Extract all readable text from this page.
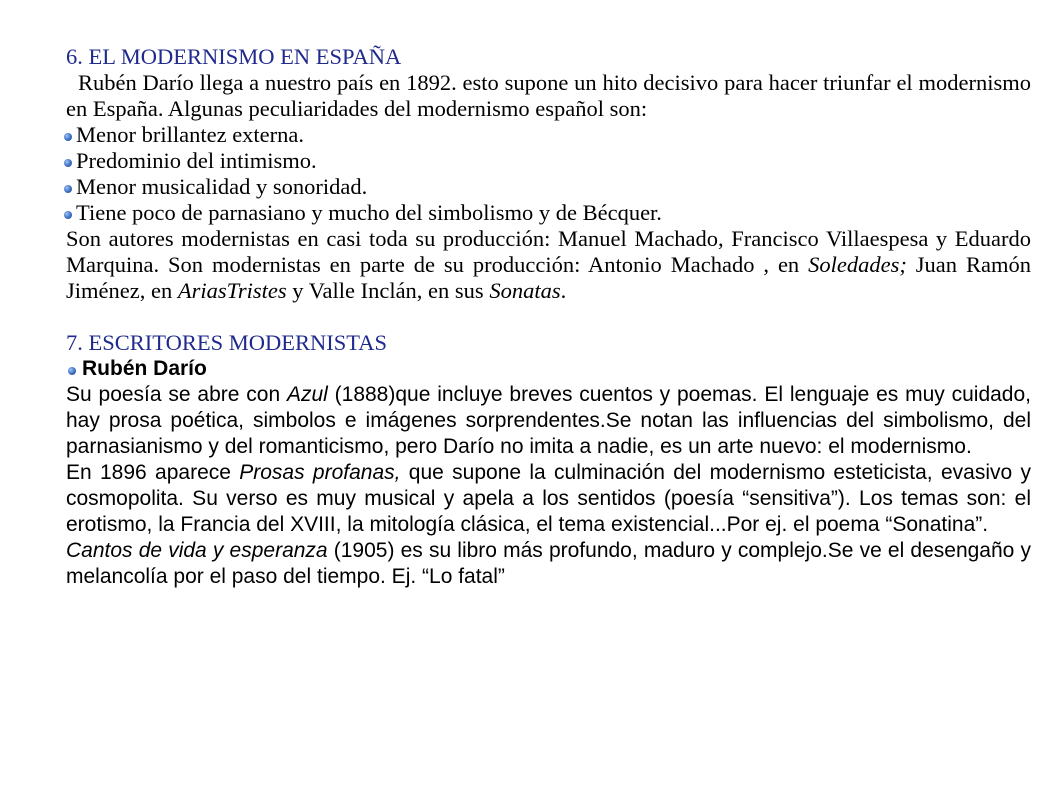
6. EL MODERNISMO EN ESPAÑA

Rubén Darío llega a nuestro país en 1892. esto supone un hito decisivo para hacer triunfar el modernismo en España. Algunas peculiaridades del modernismo español son:

Menor brillantez externa.

Predominio del intimismo.

Menor musicalidad y sonoridad.

Tiene poco de parnasiano y mucho del simbolismo y de Bécquer.

Son autores modernistas en casi toda su producción: Manuel Machado, Francisco Villaespesa y Eduardo Marquina. Son modernistas en parte de su producción: Antonio Machado , en Soledades; Juan Ramón Jiménez, en AriasTristes y Valle Inclán, en sus Sonatas.

7. ESCRITORES MODERNISTAS

Rubén Darío

Su poesía se abre con Azul (1888)que incluye breves cuentos y poemas. El lenguaje es muy cuidado, hay prosa poética, simbolos e imágenes sorprendentes.Se notan las influencias del simbolismo, del parnasianismo y del romanticismo, pero Darío no imita a nadie, es un arte nuevo: el modernismo.

En 1896 aparece Prosas profanas, que supone la culminación del modernismo esteticista, evasivo y cosmopolita. Su verso es muy musical y apela a los sentidos (poesía “sensitiva”). Los temas son: el erotismo, la Francia del XVIII, la mitología clásica, el tema existencial...Por ej. el poema “Sonatina”.

Cantos de vida y esperanza (1905) es su libro más profundo, maduro y complejo.Se ve el desengaño y melancolía por el paso del tiempo. Ej. “Lo fatal”
